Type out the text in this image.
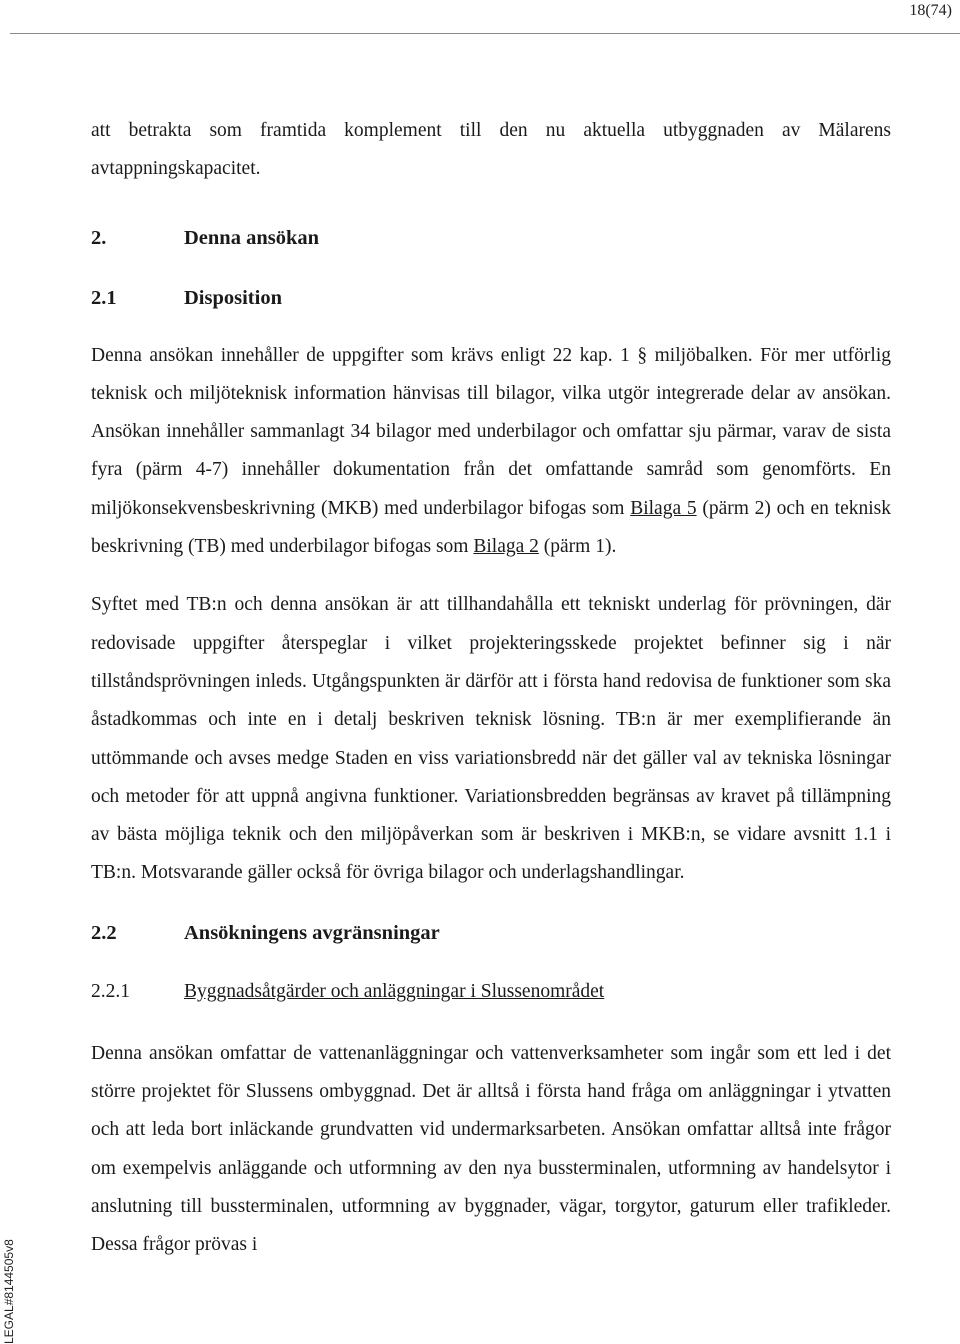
18(74)
LEGAL#8144505v8

att betrakta som framtida komplement till den nu aktuella utbyggnaden av Mälarens avtappningskapacitet.

2.	Denna ansökan
2.1	Disposition

Denna ansökan innehåller de uppgifter som krävs enligt 22 kap. 1 § miljöbalken. För mer utförlig teknisk och miljöteknisk information hänvisas till bilagor, vilka utgör integrerade delar av ansökan. Ansökan innehåller sammanlagt 34 bilagor med underbilagor och omfattar sju pärmar, varav de sista fyra (pärm 4-7) innehåller dokumentation från det omfattande samråd som genomförts. En miljökonsekvensbeskrivning (MKB) med underbilagor bifogas som Bilaga 5 (pärm 2) och en teknisk beskrivning (TB) med underbilagor bifogas som Bilaga 2 (pärm 1).

Syftet med TB:n och denna ansökan är att tillhandahålla ett tekniskt underlag för prövningen, där redovisade uppgifter återspeglar i vilket projekteringsskede projektet befinner sig i när tillståndsprövningen inleds. Utgångspunkten är därför att i första hand redovisa de funktioner som ska åstadkommas och inte en i detalj beskriven teknisk lösning. TB:n är mer exemplifierande än uttömmande och avses medge Staden en viss variationsbredd när det gäller val av tekniska lösningar och metoder för att uppnå angivna funktioner. Variationsbredden begränsas av kravet på tillämpning av bästa möjliga teknik och den miljöpåverkan som är beskriven i MKB:n, se vidare avsnitt 1.1 i TB:n. Motsvarande gäller också för övriga bilagor och underlagshandlingar.

2.2	Ansökningens avgränsningar
2.2.1	Byggnadsåtgärder och anläggningar i Slussenområdet

Denna ansökan omfattar de vattenanläggningar och vattenverksamheter som ingår som ett led i det större projektet för Slussens ombyggnad. Det är alltså i första hand fråga om anläggningar i ytvatten och att leda bort inläckande grundvatten vid undermarksarbeten. Ansökan omfattar alltså inte frågor om exempelvis anläggande och utformning av den nya bussterminalen, utformning av handelsytor i anslutning till bussterminalen, utformning av byggnader, vägar, torgytor, gaturum eller trafikleder. Dessa frågor prövas i
